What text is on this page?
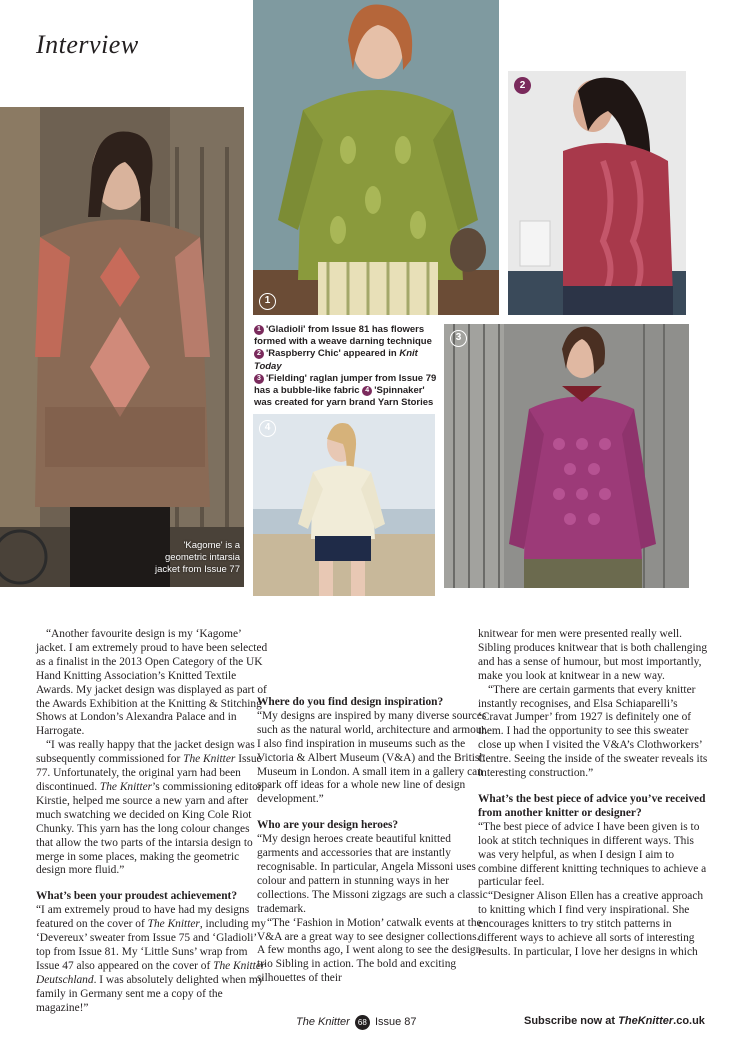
Interview
'Kagome' is a geometric intarsia jacket from Issue 77
1
2
1 'Gladioli' from Issue 81 has flowers formed with a weave darning technique
2 'Raspberry Chic' appeared in Knit Today
3 'Fielding' raglan jumper from Issue 79 has a bubble-like fabric 4 'Spinnaker' was created for yarn brand Yarn Stories
4
3

“Another favourite design is my ‘Kagome’ jacket. I am extremely proud to have been selected as a finalist in the 2013 Open Category of the UK Hand Knitting Association’s Knitted Textile Awards. My jacket design was displayed as part of the Awards Exhibition at the Knitting & Stitching Shows at London’s Alexandra Palace and in Harrogate.

“I was really happy that the jacket design was subsequently commissioned for The Knitter Issue 77. Unfortunately, the original yarn had been discontinued. The Knitter’s commissioning editor, Kirstie, helped me source a new yarn and after much swatching we decided on King Cole Riot Chunky. This yarn has the long colour changes that allow the two parts of the intarsia design to merge in some places, making the geometric design more fluid.”

What’s been your proudest achievement?

“I am extremely proud to have had my designs featured on the cover of The Knitter, including my ‘Devereux’ sweater from Issue 75 and ‘Gladioli’ top from Issue 81. My ‘Little Suns’ wrap from Issue 47 also appeared on the cover of The Knitter Deutschland. I was absolutely delighted when my family in Germany sent me a copy of the magazine!”

Where do you find design inspiration?

“My designs are inspired by many diverse sources such as the natural world, architecture and armour. I also find inspiration in museums such as the Victoria & Albert Museum (V&A) and the British Museum in London. A small item in a gallery can spark off ideas for a whole new line of design development.”

Who are your design heroes?

“My design heroes create beautiful knitted garments and accessories that are instantly recognisable. In particular, Angela Missoni uses colour and pattern in stunning ways in her collections. The Missoni zigzags are such a classic trademark.

“The ‘Fashion in Motion’ catwalk events at the V&A are a great way to see designer collections. A few months ago, I went along to see the design trio Sibling in action. The bold and exciting silhouettes of their

knitwear for men were presented really well. Sibling produces knitwear that is both challenging and has a sense of humour, but most importantly, make you look at knitwear in a new way.

“There are certain garments that every knitter instantly recognises, and Elsa Schiaparelli’s ‘Cravat Jumper’ from 1927 is definitely one of them. I had the opportunity to see this sweater close up when I visited the V&A’s Clothworkers’ Centre. Seeing the inside of the sweater reveals its interesting construction.”

What’s the best piece of advice you’ve received from another knitter or designer?

“The best piece of advice I have been given is to look at stitch techniques in different ways. This was very helpful, as when I design I aim to combine different knitting techniques to achieve a particular feel.

“Designer Alison Ellen has a creative approach to knitting which I find very inspirational. She encourages knitters to try stitch patterns in different ways to achieve all sorts of interesting results. In particular, I love her designs in which

The Knitter 68 Issue 87	Subscribe now at TheKnitter.co.uk
